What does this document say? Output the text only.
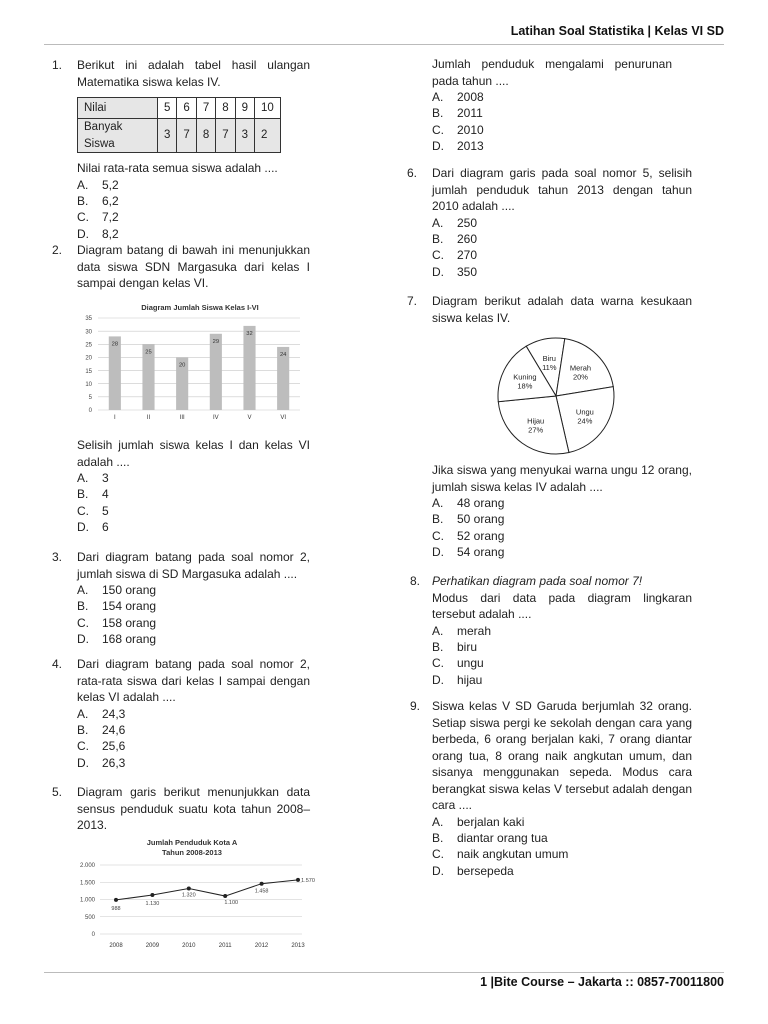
Latihan Soal Statistika | Kelas VI SD
1 |Bite Course – Jakarta :: 0857-70011800
1. Berikut ini adalah tabel hasil ulangan Matematika siswa kelas IV.

Nilai	5	6	7	8	9	10
Banyak Siswa	3	7	8	7	3	2

Nilai rata-rata semua siswa adalah ....

A.	5,2
B.	6,2
C.	7,2
D.	8,2
2. Diagram batang di bawah ini menunjukkan data siswa SDN Margasuka dari kelas I sampai dengan kelas VI.

Diagram Jumlah Siswa Kelas I-VI
0
5
10
15
20
25
30
35
28
I
25
II
20
III
29
IV
32
V
24
VI

Selisih jumlah siswa kelas I dan kelas VI adalah ....

A.	3
B.	4
C.	5
D.	6
3. Dari diagram batang pada soal nomor 2, jumlah siswa di SD Margasuka adalah ....

A.	150 orang
B.	154 orang
C.	158 orang
D.	168 orang
4. Dari diagram batang pada soal nomor 2, rata-rata siswa dari kelas I sampai dengan kelas VI adalah ....

A.	24,3
B.	24,6
C.	25,6
D.	26,3
5. Diagram garis berikut menunjukkan data sensus penduduk suatu kota tahun 2008–2013.

Jumlah Penduduk Kota A
Tahun 2008-2013
0
500
1.000
1.500
2.000
988
2008
1.130
2009
1.320
2010
1.100
2011
1.458
2012
1.570
2013

Jumlah penduduk mengalami penurunan pada tahun ....

A.	2008
B.	2011
C.	2010
D.	2013
6. Dari diagram garis pada soal nomor 5, selisih jumlah penduduk tahun 2013 dengan tahun 2010 adalah ....

A.	250
B.	260
C.	270
D.	350
7. Diagram berikut adalah data warna kesukaan siswa kelas IV.

Biru
11% Merah
20%
Ungu
24%
Hijau
27%
Kuning
18%

Jika siswa yang menyukai warna ungu 12 orang, jumlah siswa kelas IV adalah ....

A.	48 orang
B.	50 orang
C.	52 orang
D.	54 orang
8. Perhatikan diagram pada soal nomor 7!

Modus dari data pada diagram lingkaran tersebut adalah ....

A.	merah
B.	biru
C.	ungu
D.	hijau
9. Siswa kelas V SD Garuda berjumlah 32 orang. Setiap siswa pergi ke sekolah dengan cara yang berbeda, 6 orang berjalan kaki, 7 orang diantar orang tua, 8 orang naik angkutan umum, dan sisanya menggunakan sepeda. Modus cara berangkat siswa kelas V tersebut adalah dengan cara ....

A.	berjalan kaki
B.	diantar orang tua
C.	naik angkutan umum
D.	bersepeda
